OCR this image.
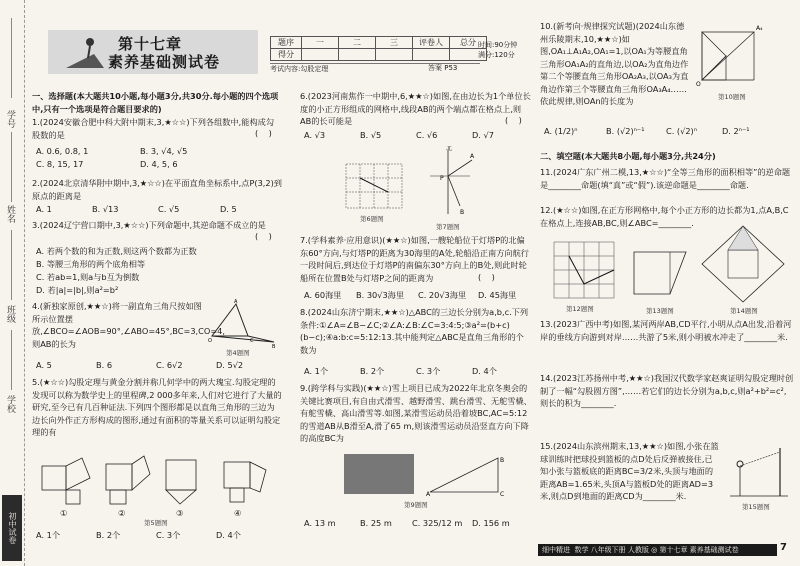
学号
姓名
班级
学校
初中试卷
第十七章
素养基础测试卷
题序	一	二	三	评卷人	总分
得分					
时间:90分钟
满分:120分
考试内容:勾股定理	答案 P53
一、选择题(本大题共10小题,每小题3分,共30分.每小题的四个选项中,只有一个选项是符合题目要求的)
1.(2024安徽合肥中科大附中期末,3,★☆☆)下列各组数中,能构成勾股数的是	(    )
A. 0.6, 0.8, 1	B. 3, √4, √5
C. 8, 15, 17	D. 4, 5, 6
2.(2024北京清华附中期中,3,★☆☆)在平面直角坐标系中,点P(3,2)到原点的距离是
A. 1	B. √13	C. √5	D. 5
3.(2024辽宁营口期中,3,★☆☆)下列命题中,其逆命题不成立的是
(    )
A. 若两个数的和为正数,则这两个数都为正数
B. 等腰三角形的两个底角相等
C. 若ab=1,则a与b互为倒数
D. 若|a|=|b|,则a²=b²
4.(新独家原创,★★☆)将一副直角三角尺按如图所示位置摆放,∠BCO=∠AOB=90°,∠ABO=45°,BC=3,CO=4,则AB的长为
A
O	C
B
第4题图
A. 5	B. 6	C. 6√2	D. 5√2
5.(★☆☆)勾股定理与黄金分割并称几何学中的两大瑰宝.勾股定理的发现可以称为数学史上的里程碑,2 000多年来,人们对它进行了大量的研究,至今已有几百种证法.下列四个图形都是以直角三角形的三边为边长向外作正方形构成的图形,通过有面积的等量关系可以证明勾股定理的有
①	②	③	④
第5题图
A. 1个	B. 2个	C. 3个	D. 4个
6.(2023河南焦作一中期中,6,★★☆)如图,在由边长为1个单位长度的小正方形组成的网格中,线段AB的两个端点都在格点上,则AB的长可能是	(    )
A. √3	B. √5	C. √6	D. √7
第6题图
北
A
B
P
第7题图
7.(学科素养·应用意识)(★★☆)如图,一艘轮船位于灯塔P的北偏东60°方向,与灯塔P的距离为30海里的A处,轮船沿正南方向航行一段时间后,到达位于灯塔P的南偏东30°方向上的B处,则此时轮船所在位置B处与灯塔P之间的距离为	(    )
A. 60海里 B. 30√3海里 C. 20√3海里 D. 45海里
8.(2024山东济宁期末,★★☆)△ABC的三边长分别为a,b,c.下列条件:①∠A=∠B−∠C;②∠A:∠B:∠C=3:4:5;③a²=(b+c)(b−c);④a:b:c=5:12:13.其中能判定△ABC是直角三角形的个数为
A. 1个	B. 2个	C. 3个	D. 4个
9.(跨学科与实践)(★★☆)雪上项目已成为2022年北京冬奥会的关键比赛项目,有自由式滑雪、越野滑雪、跳台滑雪、无舵雪橇、有舵雪橇、高山滑雪等.如图,某滑雪运动员沿着坡BC,AC=5:12的雪道AB从B滑至A,滑了65 m,则该滑雪运动员沿竖直方向下降的高度BC为
A
B
C
第9题图
A. 13 m	B. 25 m C. 325/12 m D. 156 m
10.(新考向·规律探究试题)(2024山东德州乐陵期末,10,★★☆)如图,OA₁⊥A₁A₂,OA₁=1,以OA₁为等腰直角三角形OA₁A₂的直角边,以OA₂为直角边作第二个等腰直角三角形OA₂A₃,以OA₃为直角边作第三个等腰直角三角形OA₃A₄……依此规律,则OAn的长度为
O
A₄
第10题图
A. (1/2)ⁿ	B. (√2)ⁿ⁻¹	C. (√2)ⁿ	D. 2ⁿ⁻¹
二、填空题(本大题共8小题,每小题3分,共24分)
11.(2024广东广州二模,13,★☆☆)“全等三角形的面积相等”的逆命题是________命题(填“真”或“假”).该逆命题是________命题.
12.(★☆☆)如图,在正方形网格中,每个小正方形的边长都为1,点A,B,C在格点上,连接AB,BC,则∠ABC=________.
第12题图	第13题图	第14题图
13.(2023广西中考)如图,某河两岸AB,CD平行,小明从点A出发,沿着河岸的垂线方向游到对岸……共游了5米,则小明被水冲走了________米.
14.(2023江苏扬州中考,★★☆)我国汉代数学家赵爽证明勾股定理时创制了一幅“勾股圆方图”,……若它们的边长分别为a,b,c,则a²+b²=c²,则长的积为________.
15.(2024山东滨州期末,13,★★☆)如图,小张在篮球训练时把球投到篮板的点D处后反弹被接住,已知小张与篮板底的距离BC=3/2米,头顶与地面的距离AB=1.65米,头顶A与篮板D处的距离AD=3米,则点D到地面的距离CD为________米.
第15题图
细中精进 数学 八年级下册 人教版 ◎ 第十七章 素养基础测试卷	7
